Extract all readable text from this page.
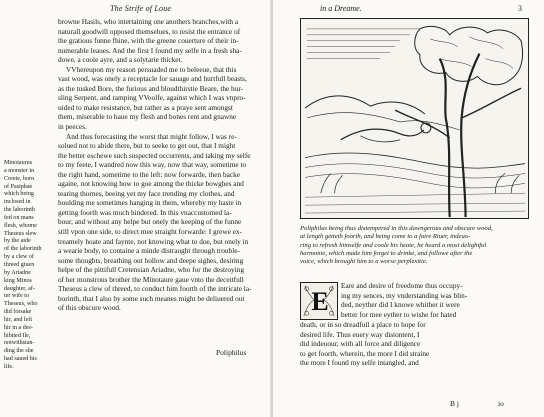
The Strife of Loue
browne Hasils, who intertaining one anothers branches,with a
naturall goodwill opposed themselues, to resist the entrance of
the gratious funne fhine, with the greene couerture of their in-
numerable leaues. And the first I found my selfe in a fresh sha-
dowe, a coole ayre, and a solytarie thicket.
VVhereupon my reason persuaded me to beleeue, that this
vast wood, was onely a receptacle for sauage and hurtfull beasts,
as the tusked Bore, the furious and bloudthirstie Beare, the hur-
sling Serpent, and ramping VVoolfe, against which I was vnpro-
uided to make resistance, but rather as a praye sent amongst
them, miserable to haue my flesh and bones rent and gnawne
in peeces.
And thus forecasting the worst that might follow, I was re-
solued not to abide there, but to seeke to get out, that I might
the better eschewe such suspected occurrents, and taking my selfe
to my feete, I wandred now this way, now that way, sometime to
the right hand, sometime to the left: now forwarde, then backe
againe, not knowing how to goe among the thicke bowghes and
tearing thornes, beeing yet my face trending my clothes, and
houlding me sometimes hanging in them, whereby my haste in
getting foorth was much hindered. In this vnaccustomed la-
bour, and without any helpe but onely the keeping of the funne
still vpon one side, to direct mee straight forwarde: I grewe ex-
treamely hoate and faynte, not knowing what to doe, but onely in
a wearie body, to containe a minde distraught through trouble-
some thoughts, breathing out hollow and deepe sighes, desiring
helpe of the pittifull Cretensian Ariadne, who for the destroying
of her monstrous brother the Minotaure gaue vnto the deceitfull
Theseus a clew of threed, to conduct him foorth of the intricate la-
borinth, that I also by some such meanes might be deliuered out
of this obscure wood.
Minotaurus
a monster in
Creete, born
of Pasiphae
which being
inclosed in
the laborinth
fed on mans
flesh, whome
Theseus slew
by the aide
of the laborinth
by a clew of
threed giuen
by Ariadne
king Minos
daughter, af-
ter wife to
Theseus, who
did forsake
hir, and left
hir in a des-
hibited Ile,
notwithstan-
ding the she
had saued his
life.
Poliphilus
in a Dreame.	3
Poliphilus being thus distempered in this dawngerous and obscure wood,
at length getteth foorth, and being come to a faire Riuer, indeuo-
ring to refresh himselfe and coole his heate, he heard a most delightful
harmonie, which made him forget to drinke, and followe after the
voice, which brought him to a worse perplexitie.
E
Eare and desire of freedome thus occupy-
ing my sences, my vnderstanding was blin-
ded, neyther did I knowe whither it were
better for mee eyther to wishe for hated
death, or in so dreadfull a place to hope for
desired life. Thus euery way distontent, I
did indeuour, with all force and diligence
to get foorth, wherein, the more I did straine
the more I found my selfe intangled, and
B j	io
